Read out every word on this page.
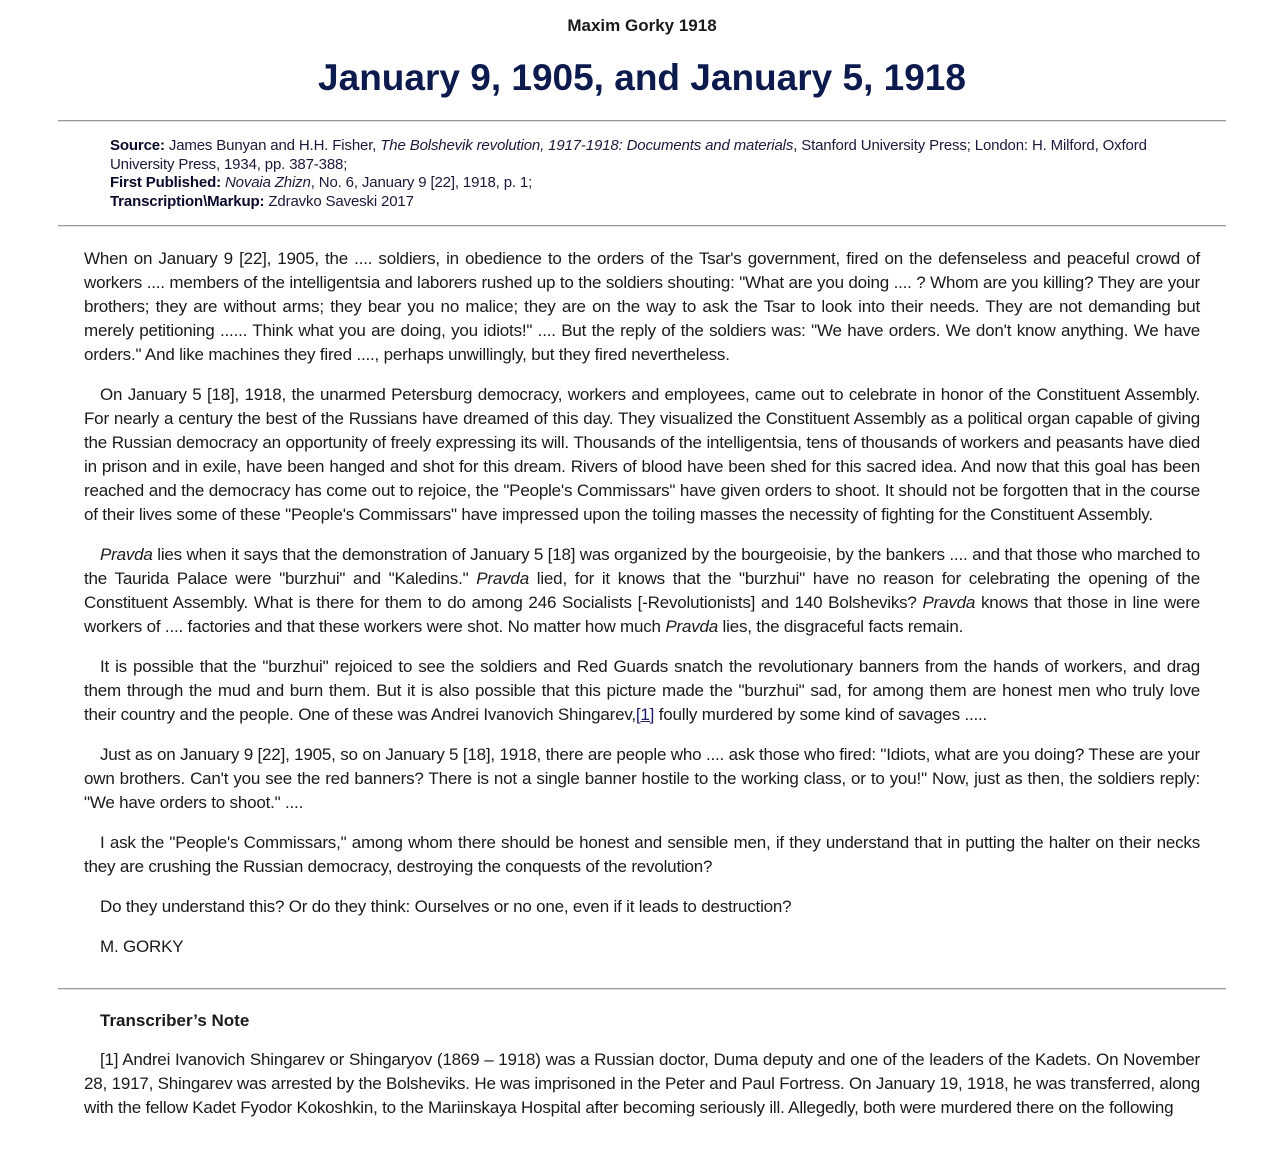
Maxim Gorky 1918
January 9, 1905, and January 5, 1918
Source: James Bunyan and H.H. Fisher, The Bolshevik revolution, 1917-1918: Documents and materials, Stanford University Press; London: H. Milford, Oxford University Press, 1934, pp. 387-388;
First Published: Novaia Zhizn, No. 6, January 9 [22], 1918, p. 1;
Transcription\Markup: Zdravko Saveski 2017

When on January 9 [22], 1905, the .... soldiers, in obedience to the orders of the Tsar's government, fired on the defenseless and peaceful crowd of workers .... members of the intelligentsia and laborers rushed up to the soldiers shouting: "What are you doing .... ? Whom are you killing? They are your brothers; they are without arms; they bear you no malice; they are on the way to ask the Tsar to look into their needs. They are not demanding but merely petitioning ...... Think what you are doing, you idiots!" .... But the reply of the soldiers was: "We have orders. We don't know anything. We have orders." And like machines they fired ...., perhaps unwillingly, but they fired nevertheless.

On January 5 [18], 1918, the unarmed Petersburg democracy, workers and employees, came out to celebrate in honor of the Constituent Assembly. For nearly a century the best of the Russians have dreamed of this day. They visualized the Constituent Assembly as a political organ capable of giving the Russian democracy an opportunity of freely expressing its will. Thousands of the intelligentsia, tens of thousands of workers and peasants have died in prison and in exile, have been hanged and shot for this dream. Rivers of blood have been shed for this sacred idea. And now that this goal has been reached and the democracy has come out to rejoice, the "People's Commissars" have given orders to shoot. It should not be forgotten that in the course of their lives some of these "People's Commissars" have impressed upon the toiling masses the necessity of fighting for the Constituent Assembly.

Pravda lies when it says that the demonstration of January 5 [18] was organized by the bourgeoisie, by the bankers .... and that those who marched to the Taurida Palace were "burzhui" and "Kaledins." Pravda lied, for it knows that the "burzhui" have no reason for celebrating the opening of the Constituent Assembly. What is there for them to do among 246 Socialists [-Revolutionists] and 140 Bolsheviks? Pravda knows that those in line were workers of .... factories and that these workers were shot. No matter how much Pravda lies, the disgraceful facts remain.

It is possible that the "burzhui" rejoiced to see the soldiers and Red Guards snatch the revolutionary banners from the hands of workers, and drag them through the mud and burn them. But it is also possible that this picture made the "burzhui" sad, for among them are honest men who truly love their country and the people. One of these was Andrei Ivanovich Shingarev,[1] foully murdered by some kind of savages .....

Just as on January 9 [22], 1905, so on January 5 [18], 1918, there are people who .... ask those who fired: "Idiots, what are you doing? These are your own brothers. Can't you see the red banners? There is not a single banner hostile to the working class, or to you!" Now, just as then, the soldiers reply: "We have orders to shoot." ....

I ask the "People's Commissars," among whom there should be honest and sensible men, if they understand that in putting the halter on their necks they are crushing the Russian democracy, destroying the conquests of the revolution?

Do they understand this? Or do they think: Ourselves or no one, even if it leads to destruction?

M. GORKY

Transcriber’s Note
[1] Andrei Ivanovich Shingarev or Shingaryov (1869 – 1918) was a Russian doctor, Duma deputy and one of the leaders of the Kadets. On November 28, 1917, Shingarev was arrested by the Bolsheviks. He was imprisoned in the Peter and Paul Fortress. On January 19, 1918, he was transferred, along with the fellow Kadet Fyodor Kokoshkin, to the Mariinskaya Hospital after becoming seriously ill. Allegedly, both were murdered there on the following
